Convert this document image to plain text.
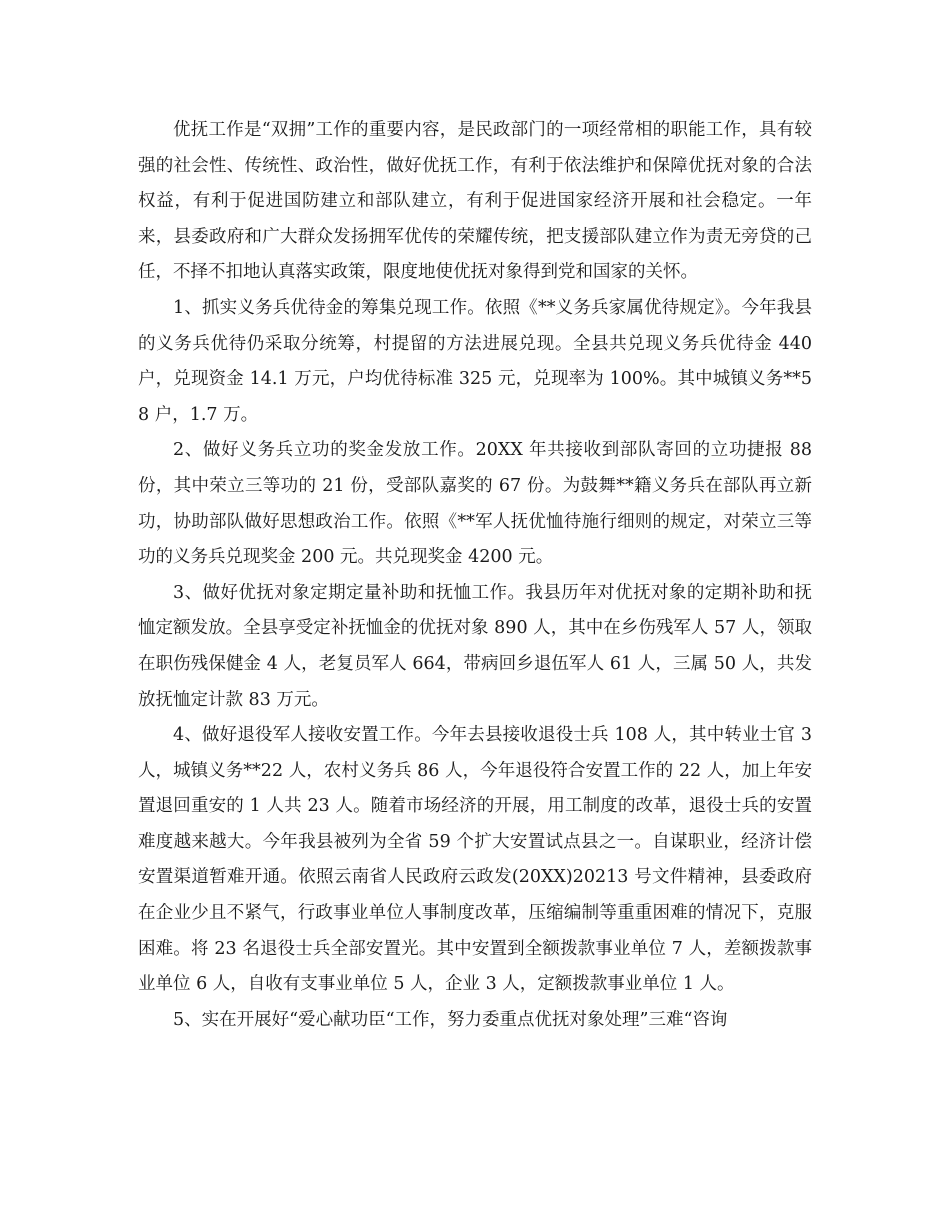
优抚工作是“双拥”工作的重要内容，是民政部门的一项经常相的职能工作，具有较强的社会性、传统性、政治性，做好优抚工作，有利于依法维护和保障优抚对象的合法权益，有利于促进国防建立和部队建立，有利于促进国家经济开展和社会稳定。一年来，县委政府和广大群众发扬拥军优传的荣耀传统，把支援部队建立作为责无旁贷的己任，不择不扣地认真落实政策，限度地使优抚对象得到党和国家的关怀。

1、抓实义务兵优待金的筹集兑现工作。依照《**义务兵家属优待规定》。今年我县的义务兵优待仍采取分统筹，村提留的方法进展兑现。全县共兑现义务兵优待金 440 户，兑现资金 14.1 万元，户均优待标准 325 元，兑现率为 100%。其中城镇义务**58 户，1.7 万。

2、做好义务兵立功的奖金发放工作。20XX 年共接收到部队寄回的立功捷报 88 份，其中荣立三等功的 21 份，受部队嘉奖的 67 份。为鼓舞**籍义务兵在部队再立新功，协助部队做好思想政治工作。依照《**军人抚优恤待施行细则的规定，对荣立三等功的义务兵兑现奖金 200 元。共兑现奖金 4200 元。

3、做好优抚对象定期定量补助和抚恤工作。我县历年对优抚对象的定期补助和抚恤定额发放。全县享受定补抚恤金的优抚对象 890 人，其中在乡伤残军人 57 人，领取在职伤残保健金 4 人，老复员军人 664，带病回乡退伍军人 61 人，三属 50 人，共发放抚恤定计款 83 万元。

4、做好退役军人接收安置工作。今年去县接收退役士兵 108 人，其中转业士官 3 人，城镇义务**22 人，农村义务兵 86 人，今年退役符合安置工作的 22 人，加上年安置退回重安的 1 人共 23 人。随着市场经济的开展，用工制度的改革，退役士兵的安置难度越来越大。今年我县被列为全省 59 个扩大安置试点县之一。自谋职业，经济计偿安置渠道暂难开通。依照云南省人民政府云政发(20XX)20213 号文件精神，县委政府在企业少且不紧气，行政事业单位人事制度改革，压缩编制等重重困难的情况下，克服困难。将 23 名退役士兵全部安置光。其中安置到全额拨款事业单位 7 人，差额拨款事业单位 6 人，自收有支事业单位 5 人，企业 3 人，定额拨款事业单位 1 人。

5、实在开展好“爱心献功臣“工作，努力委重点优抚对象处理”三难“咨询
